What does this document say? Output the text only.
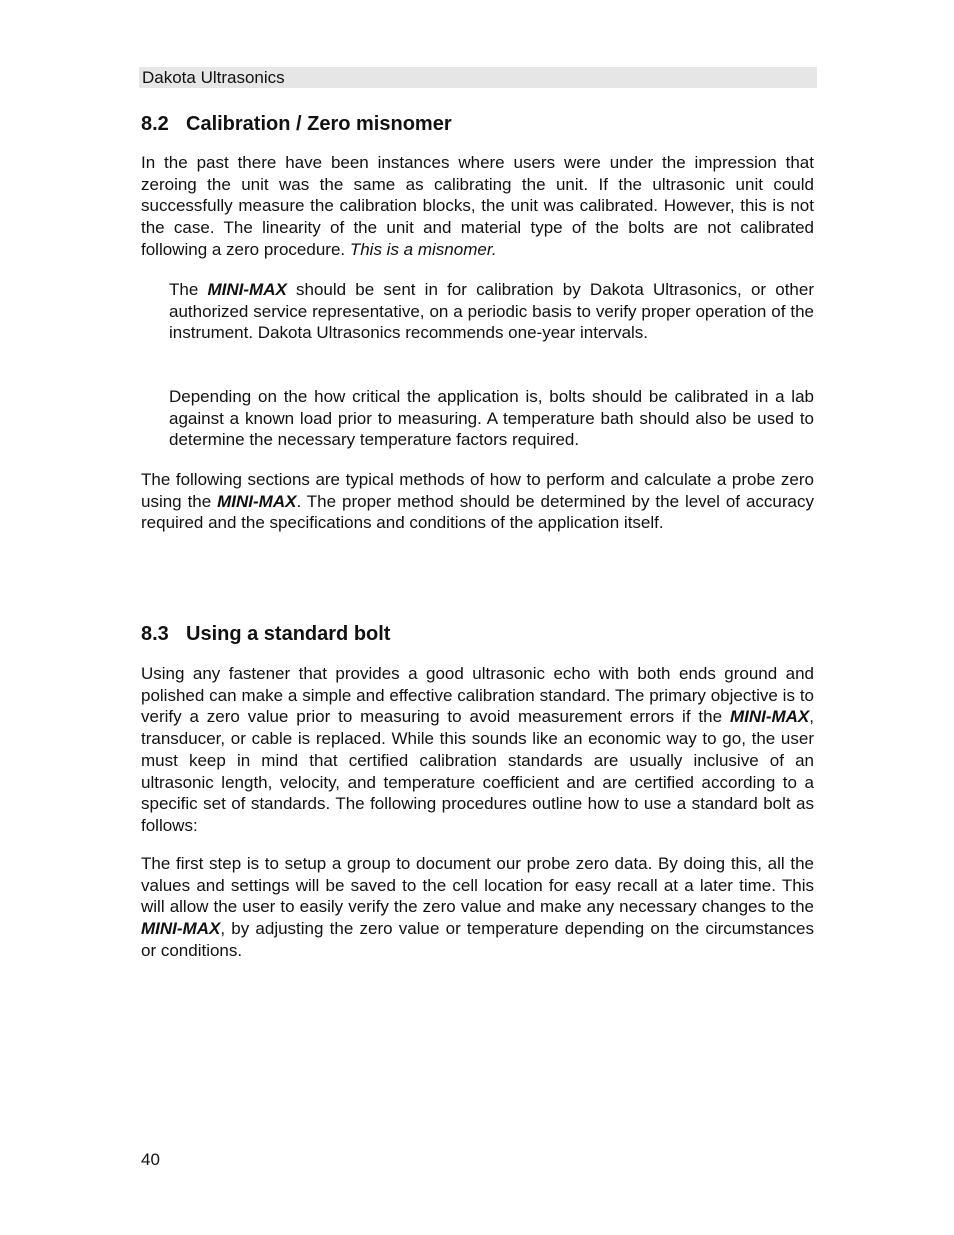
Dakota Ultrasonics
8.2 Calibration / Zero misnomer

In the past there have been instances where users were under the impression that zeroing the unit was the same as calibrating the unit. If the ultrasonic unit could successfully measure the calibration blocks, the unit was calibrated. However, this is not the case. The linearity of the unit and material type of the bolts are not calibrated following a zero procedure. This is a misnomer.

The MINI-MAX should be sent in for calibration by Dakota Ultrasonics, or other authorized service representative, on a periodic basis to verify proper operation of the instrument. Dakota Ultrasonics recommends one-year intervals.

Depending on the how critical the application is, bolts should be calibrated in a lab against a known load prior to measuring. A temperature bath should also be used to determine the necessary temperature factors required.

The following sections are typical methods of how to perform and calculate a probe zero using the MINI-MAX. The proper method should be determined by the level of accuracy required and the specifications and conditions of the application itself.

8.3 Using a standard bolt

Using any fastener that provides a good ultrasonic echo with both ends ground and polished can make a simple and effective calibration standard. The primary objective is to verify a zero value prior to measuring to avoid measurement errors if the MINI-MAX, transducer, or cable is replaced. While this sounds like an economic way to go, the user must keep in mind that certified calibration standards are usually inclusive of an ultrasonic length, velocity, and temperature coefficient and are certified according to a specific set of standards. The following procedures outline how to use a standard bolt as follows:

The first step is to setup a group to document our probe zero data. By doing this, all the values and settings will be saved to the cell location for easy recall at a later time. This will allow the user to easily verify the zero value and make any necessary changes to the MINI-MAX, by adjusting the zero value or temperature depending on the circumstances or conditions.

40
